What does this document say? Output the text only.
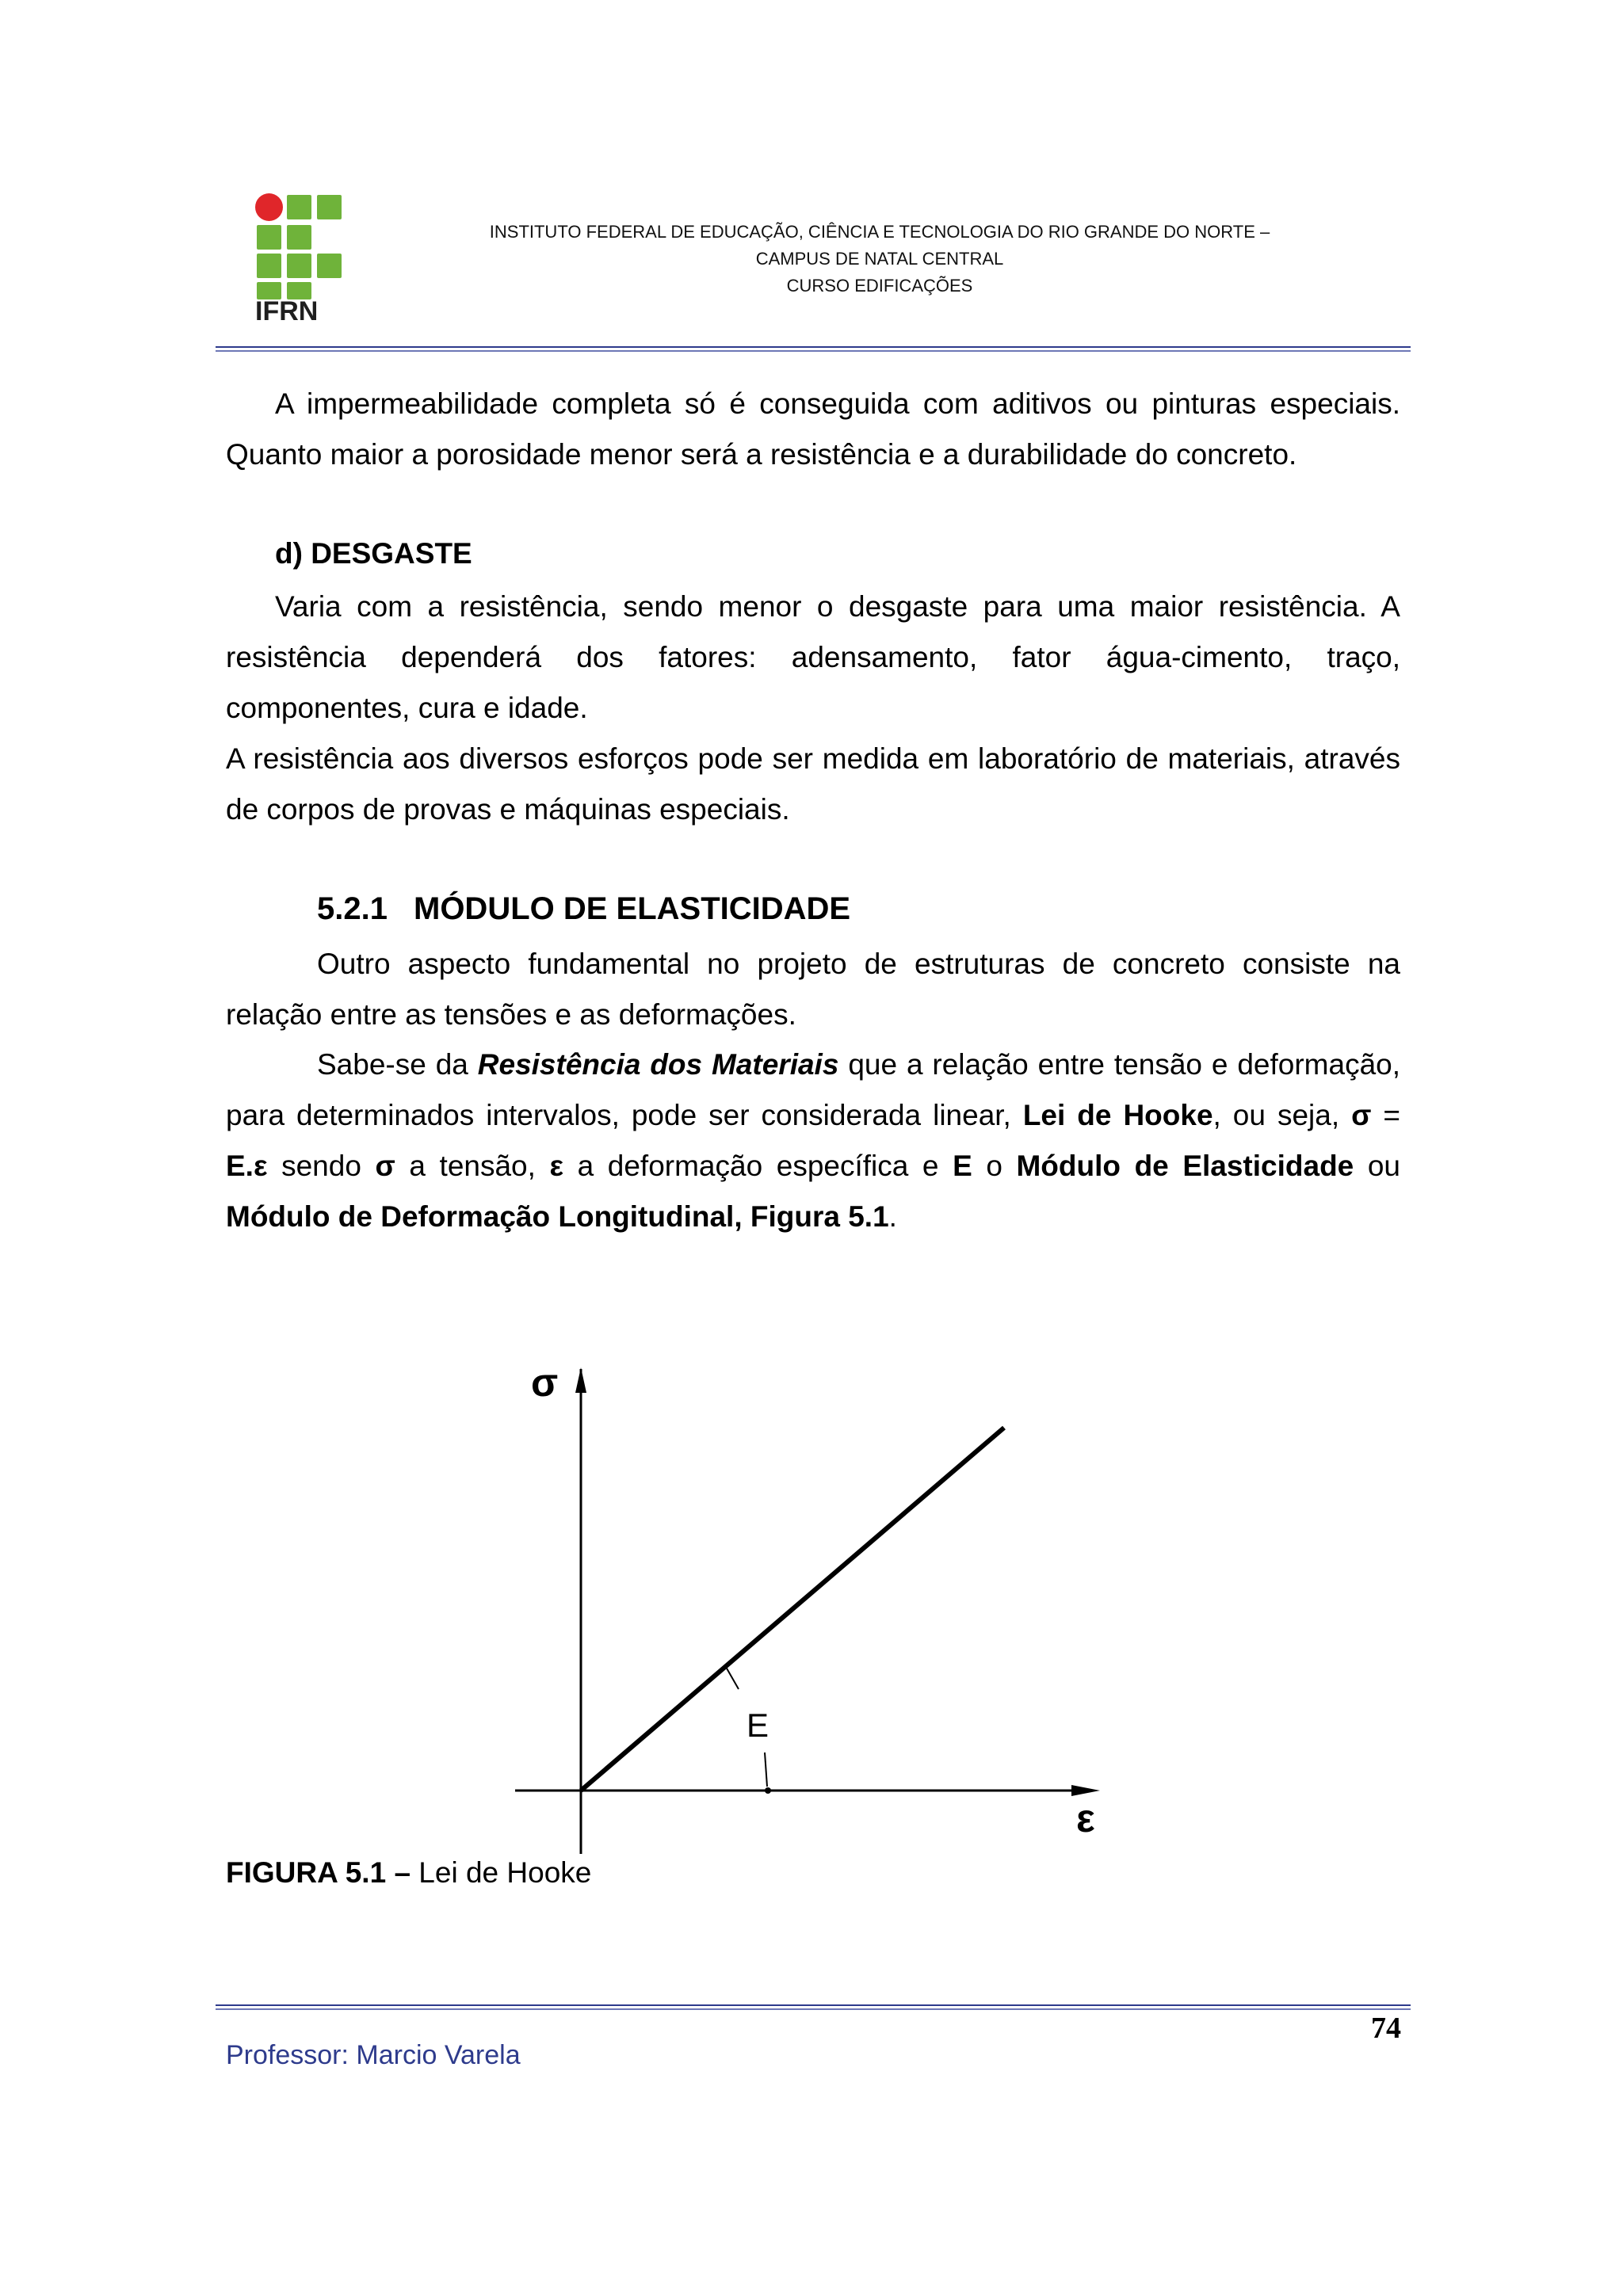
IFRN
INSTITUTO FEDERAL DE EDUCAÇÃO, CIÊNCIA E TECNOLOGIA DO RIO GRANDE DO NORTE –
CAMPUS DE NATAL CENTRAL
CURSO EDIFICAÇÕES
A impermeabilidade completa só é conseguida com aditivos ou pinturas especiais. Quanto maior a porosidade menor será a resistência e a durabilidade do concreto.
d) DESGASTE
Varia com a resistência, sendo menor o desgaste para uma maior resistência. A resistência dependerá dos fatores: adensamento, fator água-cimento, traço, componentes, cura e idade.
A resistência aos diversos esforços pode ser medida em laboratório de materiais, através de corpos de provas e máquinas especiais.
5.2.1 MÓDULO DE ELASTICIDADE
Outro aspecto fundamental no projeto de estruturas de concreto consiste na relação entre as tensões e as deformações.
Sabe-se da Resistência dos Materiais que a relação entre tensão e deformação, para determinados intervalos, pode ser considerada linear, Lei de Hooke, ou seja, σ = E.ε sendo σ a tensão, ε a deformação específica e E o Módulo de Elasticidade ou Módulo de Deformação Longitudinal, Figura 5.1.
E
σ
ε
FIGURA 5.1 – Lei de Hooke
74
Professor: Marcio Varela
